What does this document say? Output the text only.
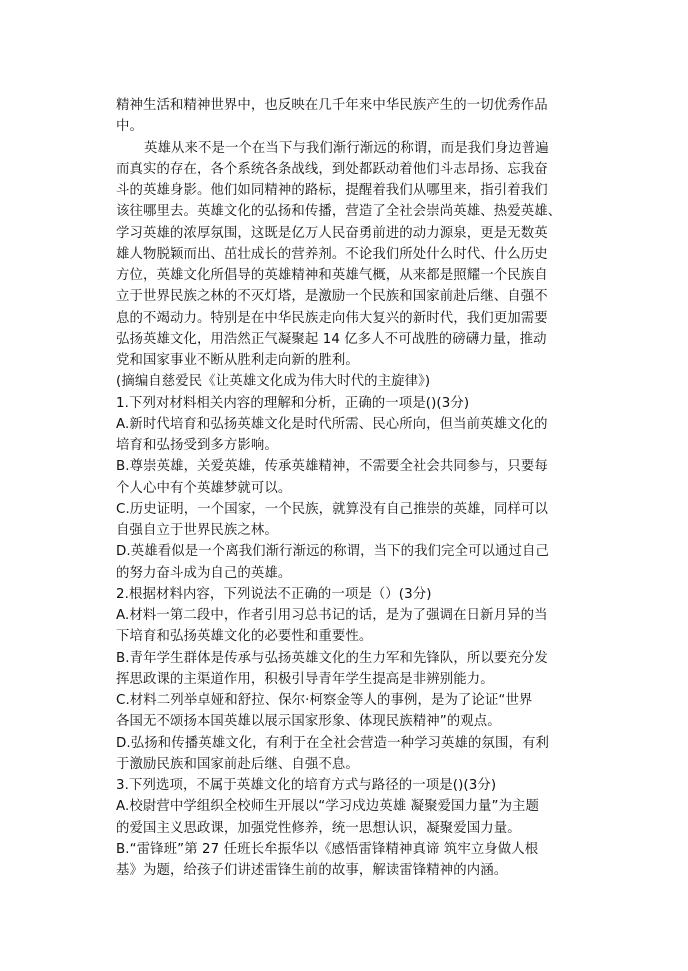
精神生活和精神世界中，也反映在几千年来中华民族产生的一切优秀作品
中。
英雄从来不是一个在当下与我们渐行渐远的称谓，而是我们身边普遍
而真实的存在，各个系统各条战线，到处都跃动着他们斗志昂扬、忘我奋
斗的英雄身影。他们如同精神的路标，提醒着我们从哪里来，指引着我们
该往哪里去。英雄文化的弘扬和传播，营造了全社会崇尚英雄、热爱英雄、
学习英雄的浓厚氛围，这既是亿万人民奋勇前进的动力源泉，更是无数英
雄人物脱颖而出、茁壮成长的营养剂。不论我们所处什么时代、什么历史
方位，英雄文化所倡导的英雄精神和英雄气概，从来都是照耀一个民族自
立于世界民族之林的不灭灯塔，是激励一个民族和国家前赴后继、自强不
息的不竭动力。特别是在中华民族走向伟大复兴的新时代，我们更加需要
弘扬英雄文化，用浩然正气凝聚起 14 亿多人不可战胜的磅礴力量，推动
党和国家事业不断从胜利走向新的胜利。
(摘编自慈爱民《让英雄文化成为伟大时代的主旋律》)
1.下列对材料相关内容的理解和分析，正确的一项是()(3分)
A.新时代培育和弘扬英雄文化是时代所需、民心所向，但当前英雄文化的
培育和弘扬受到多方影响。
B.尊崇英雄，关爱英雄，传承英雄精神，不需要全社会共同参与，只要每
个人心中有个英雄梦就可以。
C.历史证明，一个国家，一个民族，就算没有自己推崇的英雄，同样可以
自强自立于世界民族之林。
D.英雄看似是一个离我们渐行渐远的称谓，当下的我们完全可以通过自己
的努力奋斗成为自己的英雄。
2.根据材料内容，下列说法不正确的一项是（）(3分)
A.材料一第二段中，作者引用习总书记的话，是为了强调在日新月异的当
下培育和弘扬英雄文化的必要性和重要性。
B.青年学生群体是传承与弘扬英雄文化的生力军和先锋队，所以要充分发
挥思政课的主渠道作用，积极引导青年学生提高是非辨别能力。
C.材料二列举卓娅和舒拉、保尔·柯察金等人的事例，是为了论证“世界
各国无不颂扬本国英雄以展示国家形象、体现民族精神”的观点。
D.弘扬和传播英雄文化，有利于在全社会营造一种学习英雄的氛围，有利
于激励民族和国家前赴后继、自强不息。
3.下列选项，不属于英雄文化的培育方式与路径的一项是()(3分)
A.校尉营中学组织全校师生开展以“学习戍边英雄 凝聚爱国力量”为主题
的爱国主义思政课，加强党性修养，统一思想认识，凝聚爱国力量。
B.“雷锋班”第 27 任班长牟振华以《感悟雷锋精神真谛 筑牢立身做人根
基》为题，给孩子们讲述雷锋生前的故事，解读雷锋精神的内涵。
